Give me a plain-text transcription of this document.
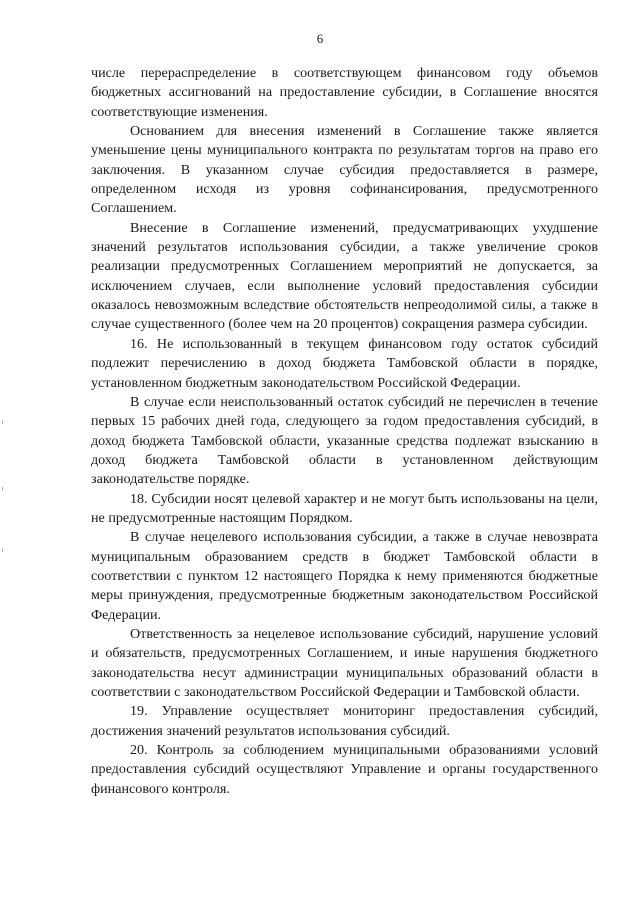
6

числе перераспределение в соответствующем финансовом году объемов бюджетных ассигнований на предоставление субсидии, в Соглашение вносятся соответствующие изменения.

Основанием для внесения изменений в Соглашение также является уменьшение цены муниципального контракта по результатам торгов на право его заключения. В указанном случае субсидия предоставляется в размере, определенном исходя из уровня софинансирования, предусмотренного Соглашением.

Внесение в Соглашение изменений, предусматривающих ухудшение значений результатов использования субсидии, а также увеличение сроков реализации предусмотренных Соглашением мероприятий не допускается, за исключением случаев, если выполнение условий предоставления субсидии оказалось невозможным вследствие обстоятельств непреодолимой силы, а также в случае существенного (более чем на 20 процентов) сокращения размера субсидии.

16. Не использованный в текущем финансовом году остаток субсидий подлежит перечислению в доход бюджета Тамбовской области в порядке, установленном бюджетным законодательством Российской Федерации.

В случае если неиспользованный остаток субсидий не перечислен в течение первых 15 рабочих дней года, следующего за годом предоставления субсидий, в доход бюджета Тамбовской области, указанные средства подлежат взысканию в доход бюджета Тамбовской области в установленном действующим законодательстве порядке.

18. Субсидии носят целевой характер и не могут быть использованы на цели, не предусмотренные настоящим Порядком.

В случае нецелевого использования субсидии, а также в случае невозврата муниципальным образованием средств в бюджет Тамбовской области в соответствии с пунктом 12 настоящего Порядка к нему применяются бюджетные меры принуждения, предусмотренные бюджетным законодательством Российской Федерации.

Ответственность за нецелевое использование субсидий, нарушение условий и обязательств, предусмотренных Соглашением, и иные нарушения бюджетного законодательства несут администрации муниципальных образований области в соответствии с законодательством Российской Федерации и Тамбовской области.

19. Управление осуществляет мониторинг предоставления субсидий, достижения значений результатов использования субсидий.

20. Контроль за соблюдением муниципальными образованиями условий предоставления субсидий осуществляют Управление и органы государственного финансового контроля.
